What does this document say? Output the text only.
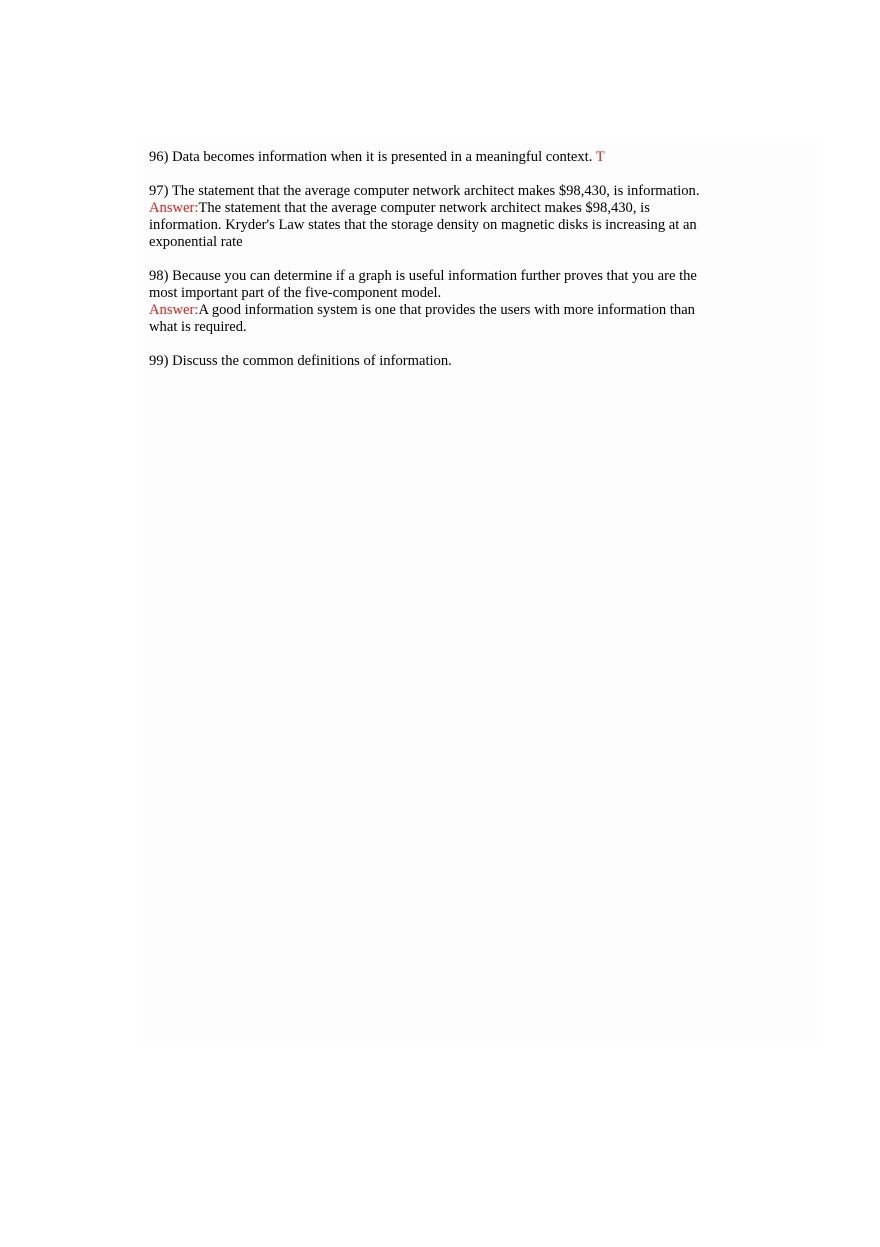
96) Data becomes information when it is presented in a meaningful context. T

97) The statement that the average computer network architect makes $98,430, is information.
Answer:The statement that the average computer network architect makes $98,430, is information. Kryder's Law states that the storage density on magnetic disks is increasing at an exponential rate

98) Because you can determine if a graph is useful information further proves that you are the most important part of the five-component model.
Answer:A good information system is one that provides the users with more information than what is required.

99) Discuss the common definitions of information.
